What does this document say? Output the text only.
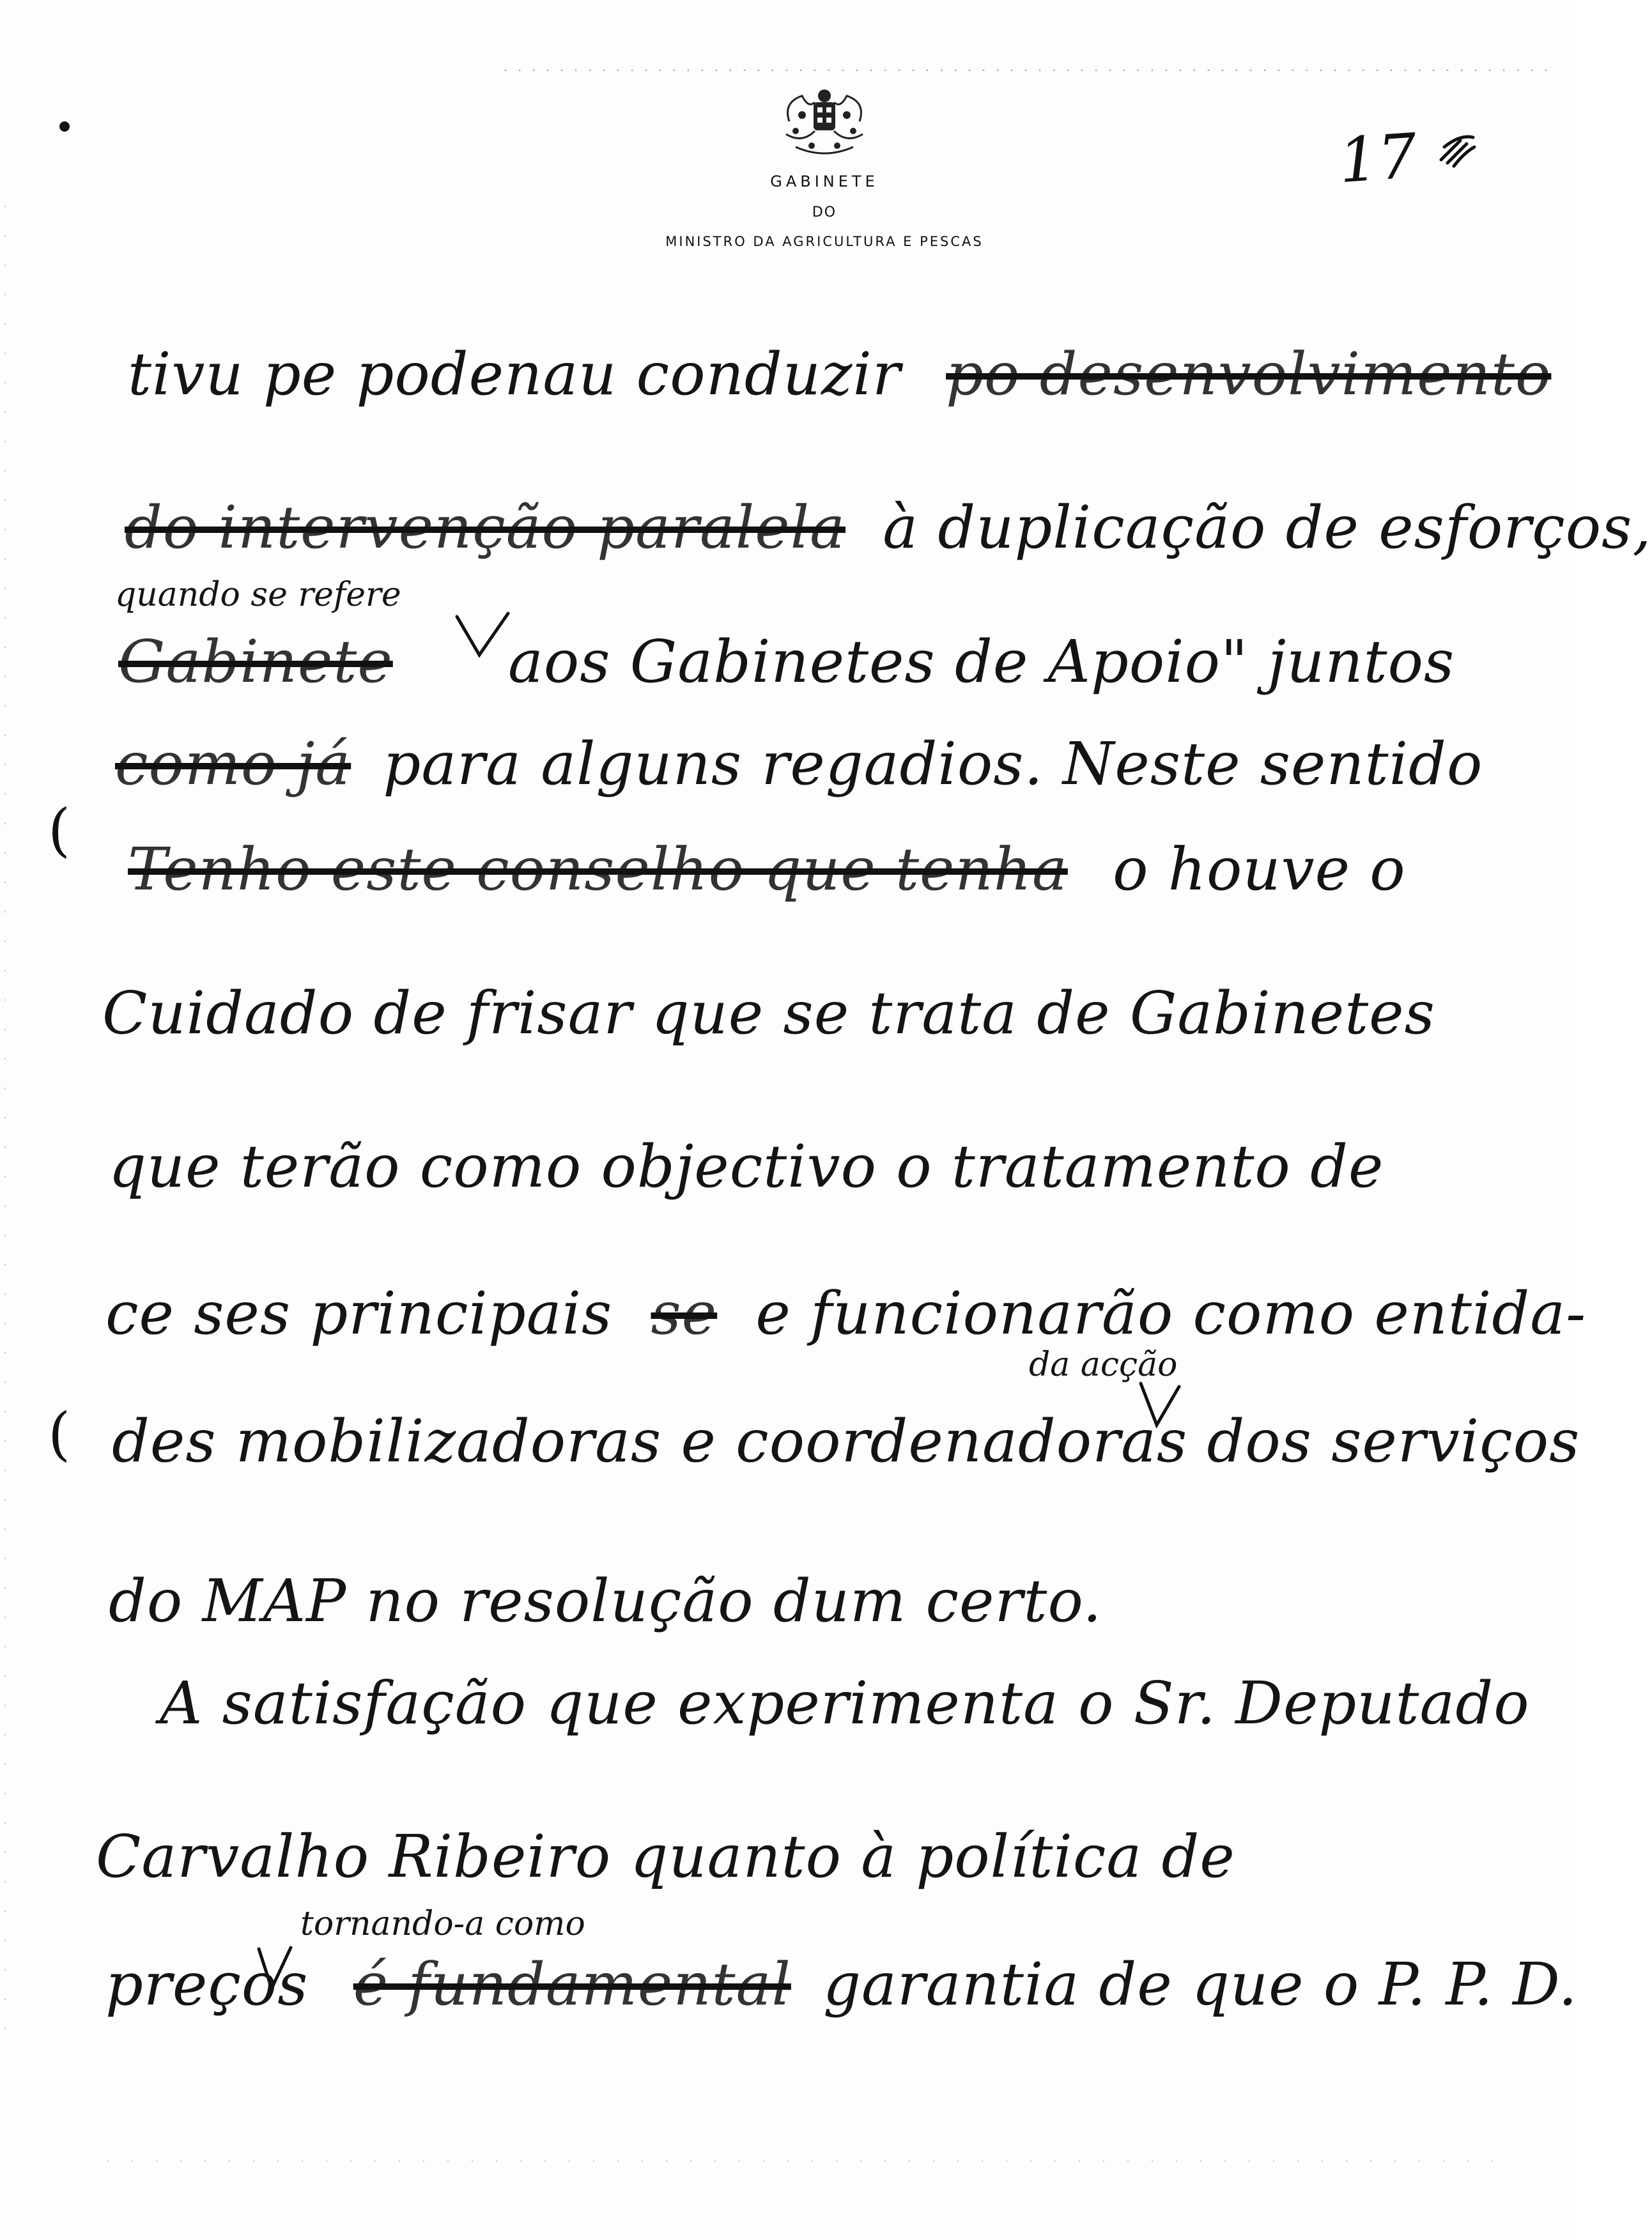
GABINETE
DO
MINISTRO DA AGRICULTURA E PESCAS
17
tivu pe podenau conduzir po desenvolvimento
do intervenção paralela à duplicação de esforços,
quando se refere
Gabinete aos Gabinetes de Apoio" juntos
(
como já para alguns regadios. Neste sentido
Tenho este conselho que tenha o houve o
Cuidado de frisar que se trata de Gabinetes
que terão como objectivo o tratamento de
ce ses principais se e funcionarão como entida-
da acção
( des mobilizadoras e coordenadoras dos serviços
do MAP no resolução dum certo.
A satisfação que experimenta o Sr. Deputado
Carvalho Ribeiro quanto à política de
tornando-a como
preços é fundamental garantia de que o P. P. D.
